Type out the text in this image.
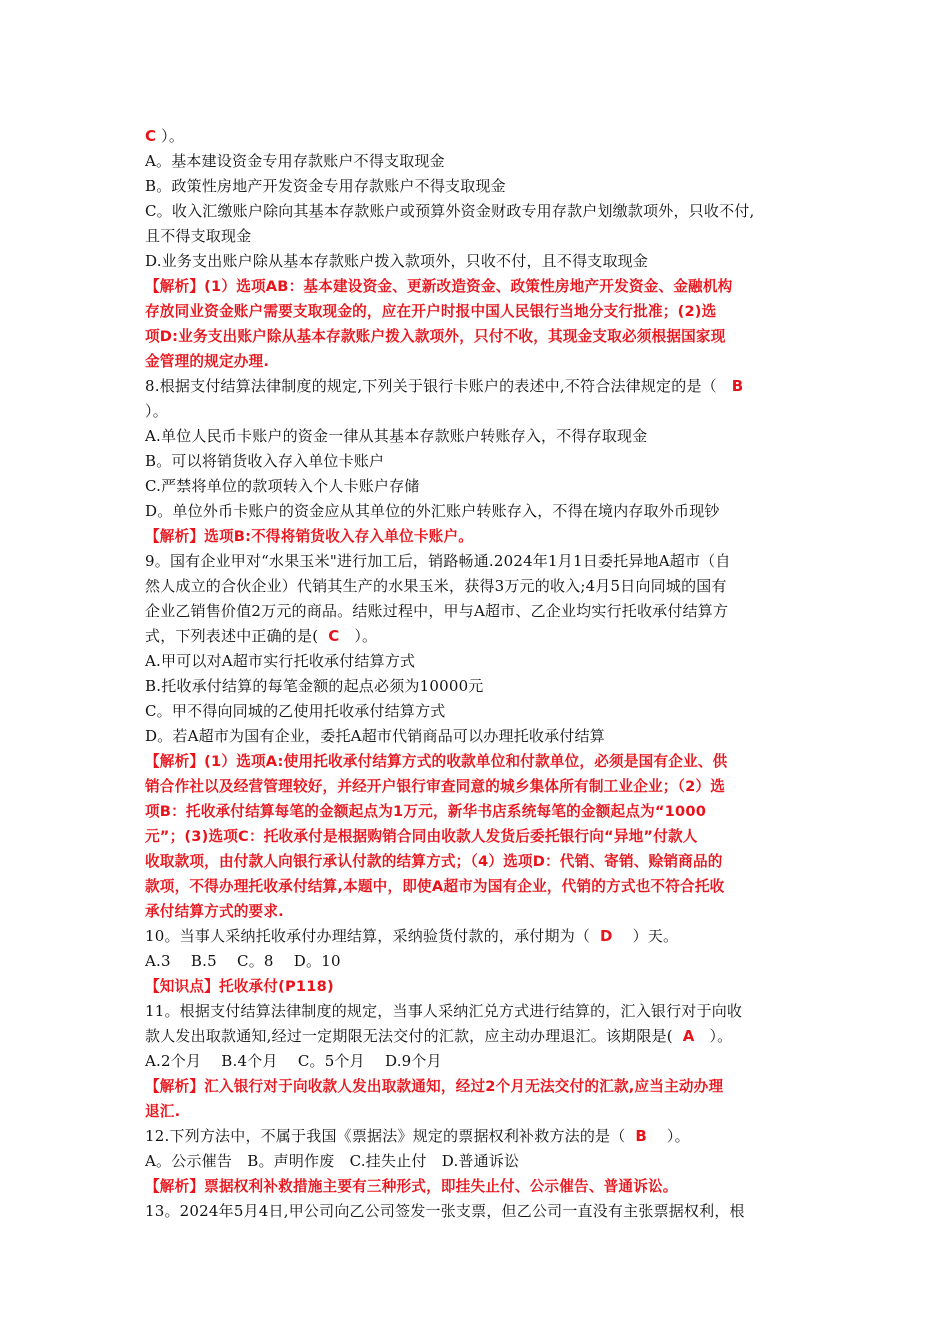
C ）。
A。基本建设资金专用存款账户不得支取现金
B。政策性房地产开发资金专用存款账户不得支取现金
C。收入汇缴账户除向其基本存款账户或预算外资金财政专用存款户划缴款项外，只收不付,
且不得支取现金
D.业务支出账户除从基本存款账户拨入款项外，只收不付，且不得支取现金
【解析】(1）选项AB：基本建设资金、更新改造资金、政策性房地产开发资金、金融机构
存放同业资金账户需要支取现金的，应在开户时报中国人民银行当地分支行批准；(2)选
项D:业务支出账户除从基本存款账户拨入款项外，只付不收，其现金支取必须根据国家现
金管理的规定办理.
8.根据支付结算法律制度的规定,下列关于银行卡账户的表述中,不符合法律规定的是（ B
）。
A.单位人民币卡账户的资金一律从其基本存款账户转账存入，不得存取现金
B。可以将销货收入存入单位卡账户
C.严禁将单位的款项转入个人卡账户存储
D。单位外币卡账户的资金应从其单位的外汇账户转账存入，不得在境内存取外币现钞
【解析】选项B:不得将销货收入存入单位卡账户。
9。国有企业甲对“水果玉米"进行加工后，销路畅通.2024年1月1日委托异地A超市（自
然人成立的合伙企业）代销其生产的水果玉米，获得3万元的收入;4月5日向同城的国有
企业乙销售价值2万元的商品。结账过程中，甲与A超市、乙企业均实行托收承付结算方
式，下列表述中正确的是( C ）。
A.甲可以对A超市实行托收承付结算方式
B.托收承付结算的每笔金额的起点必须为10000元
C。甲不得向同城的乙使用托收承付结算方式
D。若A超市为国有企业，委托A超市代销商品可以办理托收承付结算
【解析】(1）选项A:使用托收承付结算方式的收款单位和付款单位，必须是国有企业、供
销合作社以及经营管理较好，并经开户银行审查同意的城乡集体所有制工业企业；（2）选
项B：托收承付结算每笔的金额起点为1万元，新华书店系统每笔的金额起点为“1000
元”；(3)选项C：托收承付是根据购销合同由收款人发货后委托银行向“异地”付款人
收取款项，由付款人向银行承认付款的结算方式；（4）选项D：代销、寄销、赊销商品的
款项，不得办理托收承付结算,本题中，即使A超市为国有企业，代销的方式也不符合托收
承付结算方式的要求.
10。当事人采纳托收承付办理结算，采纳验货付款的，承付期为（ D ）天。
A.3　 B.5　 C。8　 D。10
【知识点】托收承付(P118)
11。根据支付结算法律制度的规定，当事人采纳汇兑方式进行结算的，汇入银行对于向收
款人发出取款通知,经过一定期限无法交付的汇款，应主动办理退汇。该期限是( A ）。
A.2个月　 B.4个月　 C。5个月　 D.9个月
【解析】汇入银行对于向收款人发出取款通知，经过2个月无法交付的汇款,应当主动办理
退汇.
12.下列方法中，不属于我国《票据法》规定的票据权利补救方法的是（ B ）。
A。公示催告　B。声明作废　C.挂失止付　D.普通诉讼
【解析】票据权利补救措施主要有三种形式，即挂失止付、公示催告、普通诉讼。
13。2024年5月4日,甲公司向乙公司签发一张支票，但乙公司一直没有主张票据权利，根
